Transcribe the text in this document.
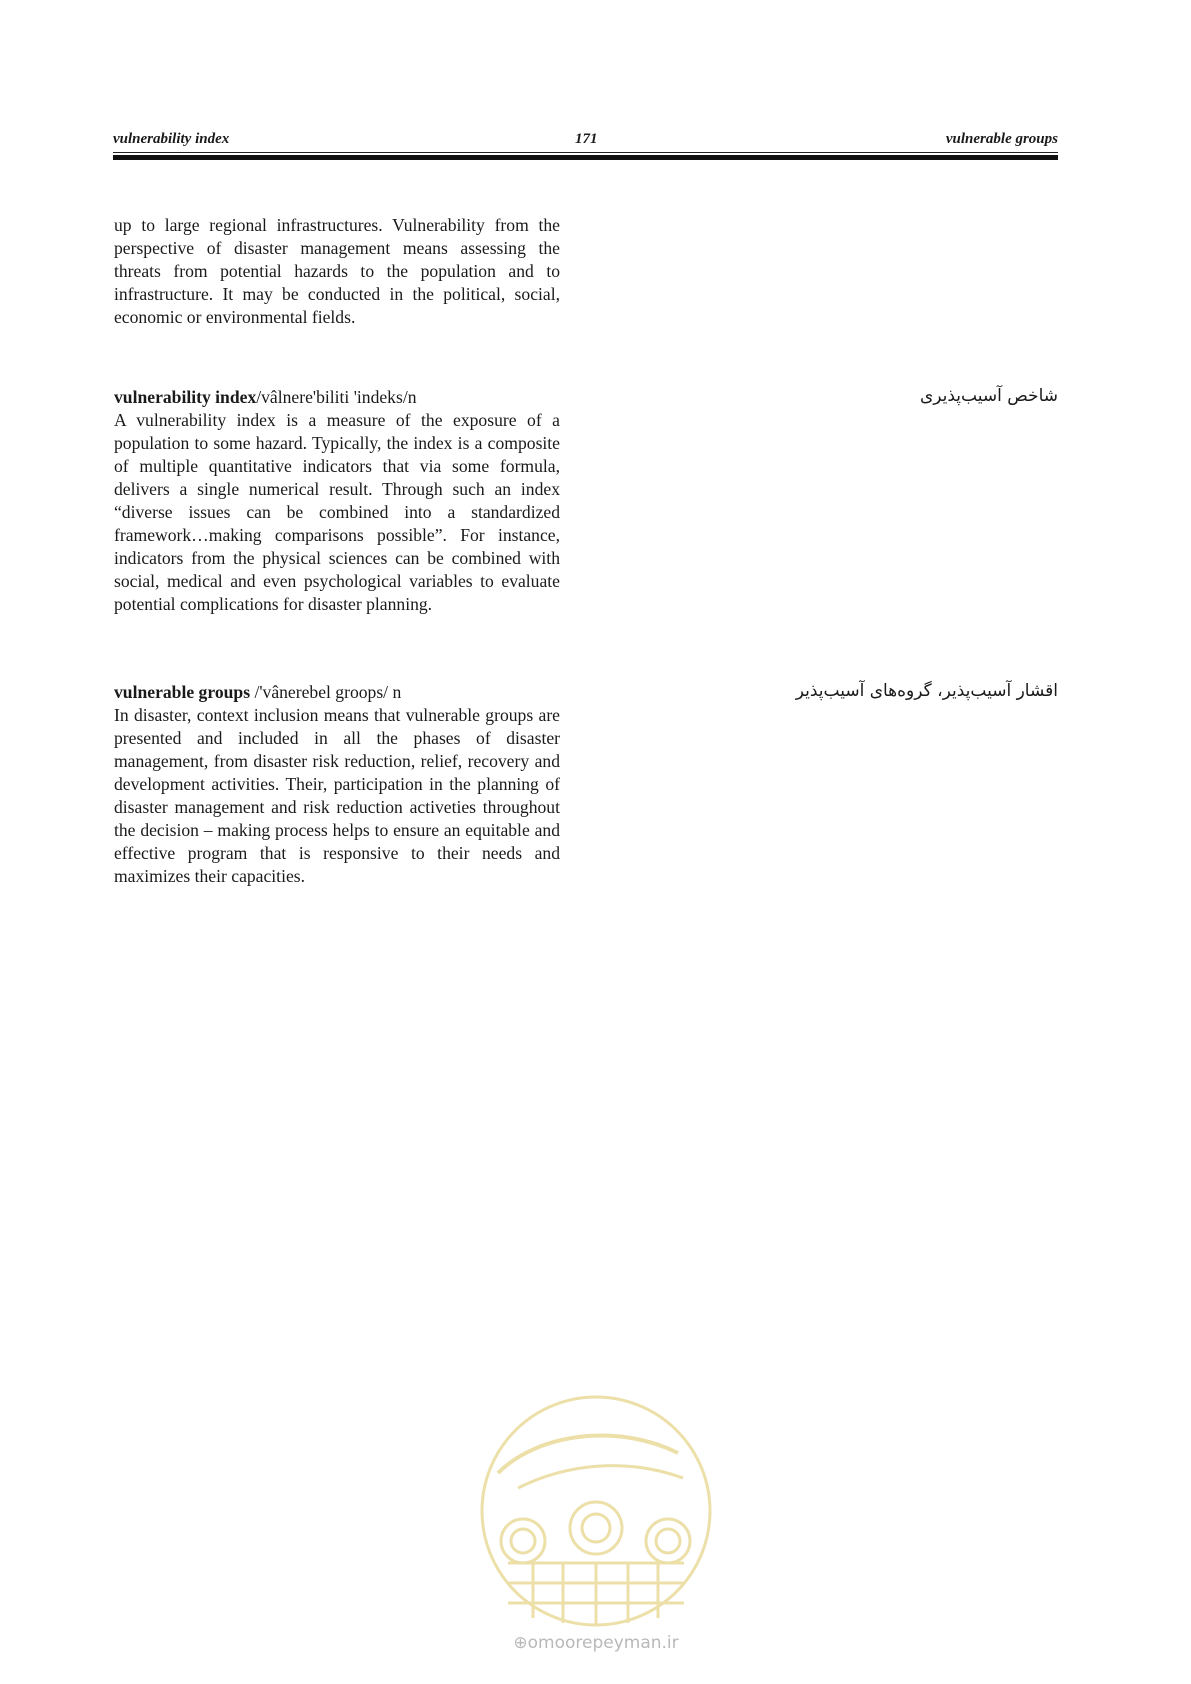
vulnerability index	171	vulnerable groups

up to large regional infrastructures. Vulnerability from the perspective of disaster management means assessing the threats from potential hazards to the population and to infrastructure. It may be conducted in the political, social, economic or environmental fields.

vulnerability index/vâlnere'biliti 'indeks/n

A vulnerability index is a measure of the exposure of a population to some hazard. Typically, the index is a composite of multiple quantitative indicators that via some formula, delivers a single numerical result. Through such an index “diverse issues can be combined into a standardized framework…making comparisons possible”. For instance, indicators from the physical sciences can be combined with social, medical and even psychological variables to evaluate potential complications for disaster planning.

شاخص آسیب‌پذیری

vulnerable groups /'vânerebel groops/ n

In disaster, context inclusion means that vulnerable groups are presented and included in all the phases of disaster management, from disaster risk reduction, relief, recovery and development activities. Their, participation in the planning of disaster management and risk reduction activeties throughout the decision – making process helps to ensure an equitable and effective program that is responsive to their needs and maximizes their capacities.

اقشار آسیب‌پذیر، گروه‌های آسیب‌پذیر
⊕omoorepeyman.ir
